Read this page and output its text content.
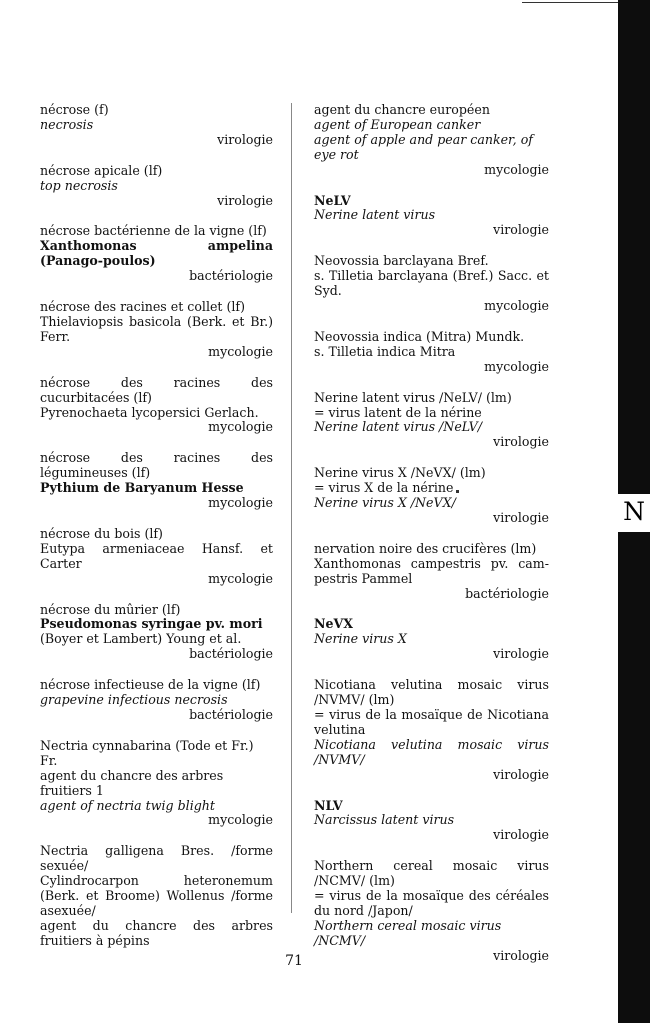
nécrose (f)
necrosis
virologie
nécrose apicale (lf)
top necrosis
virologie
nécrose bactérienne de la vigne (lf)
Xanthomonas ampelina (Panago-poulos)
bactériologie
nécrose des racines et collet (lf)
Thielaviopsis basicola (Berk. et Br.) Ferr.
mycologie
nécrose des racines des cucurbitacées (lf)
Pyrenochaeta lycopersici Gerlach.
mycologie
nécrose des racines des légumineuses (lf)
Pythium de Baryanum Hesse
mycologie
nécrose du bois (lf)
Eutypa armeniaceae Hansf. et Carter
mycologie
nécrose du mûrier (lf)
Pseudomonas syringae pv. mori
(Boyer et Lambert) Young et al.
bactériologie
nécrose infectieuse de la vigne (lf)
grapevine infectious necrosis
bactériologie
Nectria cynnabarina (Tode et Fr.) Fr.
agent du chancre des arbres fruitiers 1
agent of nectria twig blight
mycologie
Nectria galligena Bres. /forme sexuée/
Cylindrocarpon heteronemum (Berk. et Broome) Wollenus /forme asexuée/
agent du chancre des arbres fruitiers à pépins
agent du chancre européen
agent of European canker
agent of apple and pear canker, of eye rot
mycologie
NeLV
Nerine latent virus
virologie
Neovossia barclayana Bref.
s. Tilletia barclayana (Bref.) Sacc. et Syd.
mycologie
Neovossia indica (Mitra) Mundk.
s. Tilletia indica Mitra
mycologie
Nerine latent virus /NeLV/ (lm)
= virus latent de la nérine
Nerine latent virus /NeLV/
virologie
Nerine virus X /NeVX/ (lm)
= virus X de la nérine
Nerine virus X /NeVX/
virologie
nervation noire des crucifères (lm)
Xanthomonas campestris pv. cam-pestris Pammel
bactériologie
NeVX
Nerine virus X
virologie
Nicotiana velutina mosaic virus /NVMV/ (lm)
= virus de la mosaïque de Nicotiana velutina
Nicotiana velutina mosaic virus /NVMV/
virologie
NLV
Narcissus latent virus
virologie
Northern cereal mosaic virus /NCMV/ (lm)
= virus de la mosaïque des céréales du nord /Japon/
Northern cereal mosaic virus /NCMV/
virologie
N
71
